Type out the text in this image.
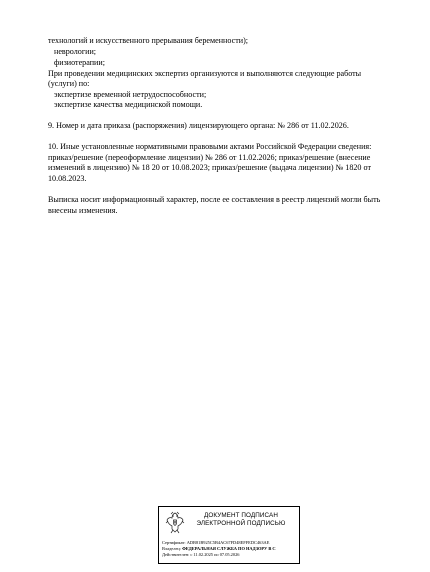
технологий и искусственного прерывания беременности);
неврологии;
физиотерапии;
При проведении медицинских экспертиз организуются и выполняются следующие работы
(услуги) по:
экспертизе временной нетрудоспособности;
экспертизе качества медицинской помощи.

9. Номер и дата приказа (распоряжения) лицензирующего органа: № 286 от 11.02.2026.

10. Иные установленные нормативными правовыми актами Российской Федерации сведения:

приказ/решение (переоформление лицензии) № 286 от 11.02.2026; приказ/решение (внесение

изменений в лицензию) № 18 20 от 10.08.2023; приказ/решение (выдача лицензии) № 1820 от

10.08.2023.

Выписка носит информационный характер, после ее составления в реестр лицензий могли быть

внесены изменения.

ДОКУМЕНТ ПОДПИСАН
ЭЛЕКТРОННОЙ ПОДПИСЬЮ
Сертификат: ADB81B925C5B4AC67FD48EFFEDC463AE
Владелец: ФЕДЕРАЛЬНАЯ СЛУЖБА ПО НАДЗОРУ В С
Действителен: с 11.02.2025 по 07.05.2026
